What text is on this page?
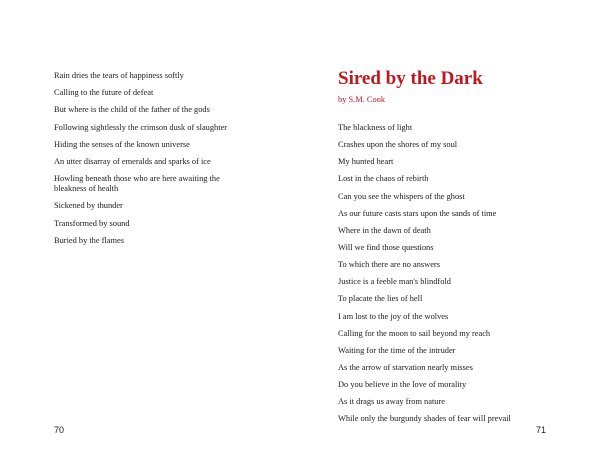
Rain dries the tears of happiness softly
Calling to the future of defeat
But where is the child of the father of the gods
Following sightlessly the crimson dusk of slaughter
Hiding the senses of the known universe
An utter disarray of emeralds and sparks of ice
Howling beneath those who are here awaiting the
bleakness of health
Sickened by thunder
Transformed by sound
Buried by the flames
70
Sired by the Dark

by S.M. Cook

The blackness of light
Crashes upon the shores of my soul
My hunted heart
Lost in the chaos of rebirth
Can you see the whispers of the ghost
As our future casts stars upon the sands of time
Where in the dawn of death
Will we find those questions
To which there are no answers
Justice is a feeble man's blindfold
To placate the lies of hell
I am lost to the joy of the wolves
Calling for the moon to sail beyond my reach
Waiting for the time of the intruder
As the arrow of starvation nearly misses
Do you believe in the love of morality
As it drags us away from nature
While only the burgundy shades of fear will prevail
71
